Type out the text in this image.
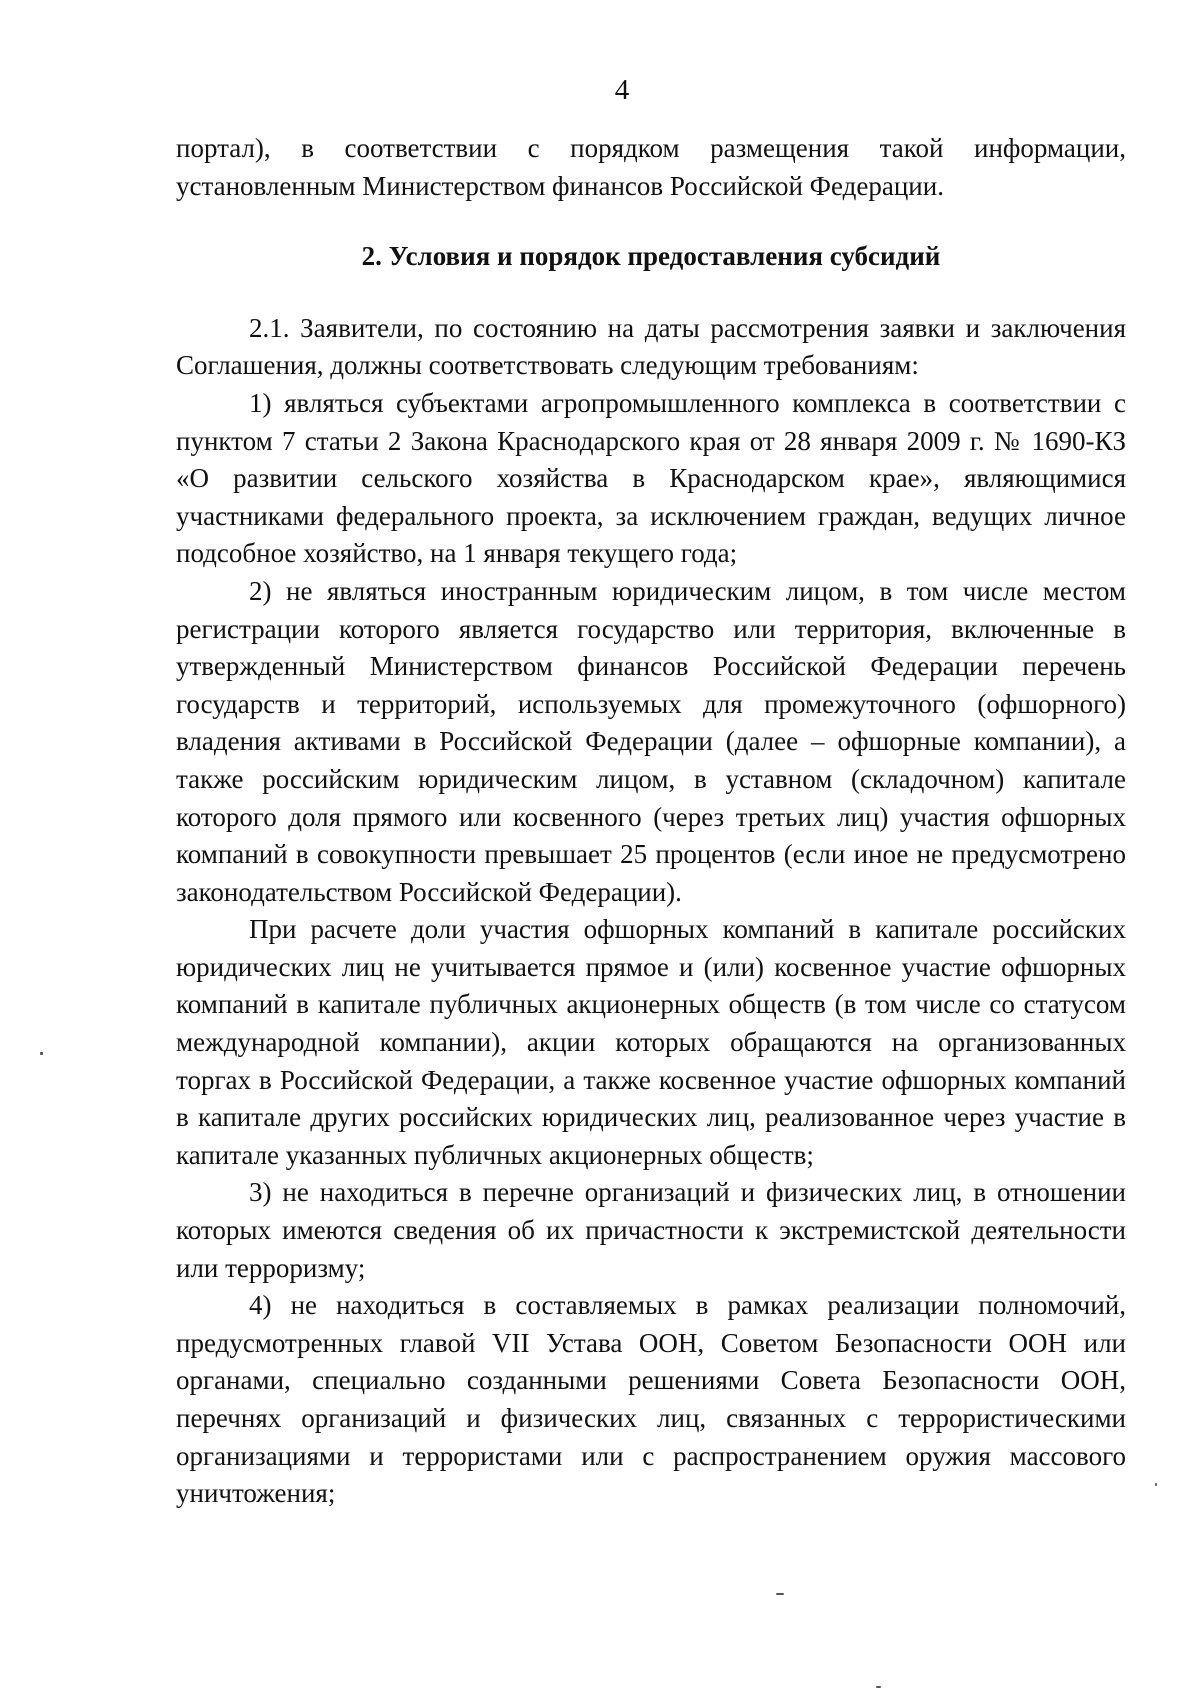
4

портал), в соответствии с порядком размещения такой информации, установленным Министерством финансов Российской Федерации.

2. Условия и порядок предоставления субсидий

2.1. Заявители, по состоянию на даты рассмотрения заявки и заключения Соглашения, должны соответствовать следующим требованиям:

1) являться субъектами агропромышленного комплекса в соответствии с пунктом 7 статьи 2 Закона Краснодарского края от 28 января 2009 г. № 1690-КЗ «О развитии сельского хозяйства в Краснодарском крае», являющимися участниками федерального проекта, за исключением граждан, ведущих личное подсобное хозяйство, на 1 января текущего года;

2) не являться иностранным юридическим лицом, в том числе местом регистрации которого является государство или территория, включенные в утвержденный Министерством финансов Российской Федерации перечень государств и территорий, используемых для промежуточного (офшорного) владения активами в Российской Федерации (далее – офшорные компании), а также российским юридическим лицом, в уставном (складочном) капитале которого доля прямого или косвенного (через третьих лиц) участия офшорных компаний в совокупности превышает 25 процентов (если иное не предусмотрено законодательством Российской Федерации).

При расчете доли участия офшорных компаний в капитале российских юридических лиц не учитывается прямое и (или) косвенное участие офшорных компаний в капитале публичных акционерных обществ (в том числе со статусом международной компании), акции которых обращаются на организованных торгах в Российской Федерации, а также косвенное участие офшорных компаний в капитале других российских юридических лиц, реализованное через участие в капитале указанных публичных акционерных обществ;

3) не находиться в перечне организаций и физических лиц, в отношении которых имеются сведения об их причастности к экстремистской деятельности или терроризму;

4) не находиться в составляемых в рамках реализации полномочий, предусмотренных главой VII Устава ООН, Советом Безопасности ООН или органами, специально созданными решениями Совета Безопасности ООН, перечнях организаций и физических лиц, связанных с террористическими организациями и террористами или с распространением оружия массового уничтожения;
